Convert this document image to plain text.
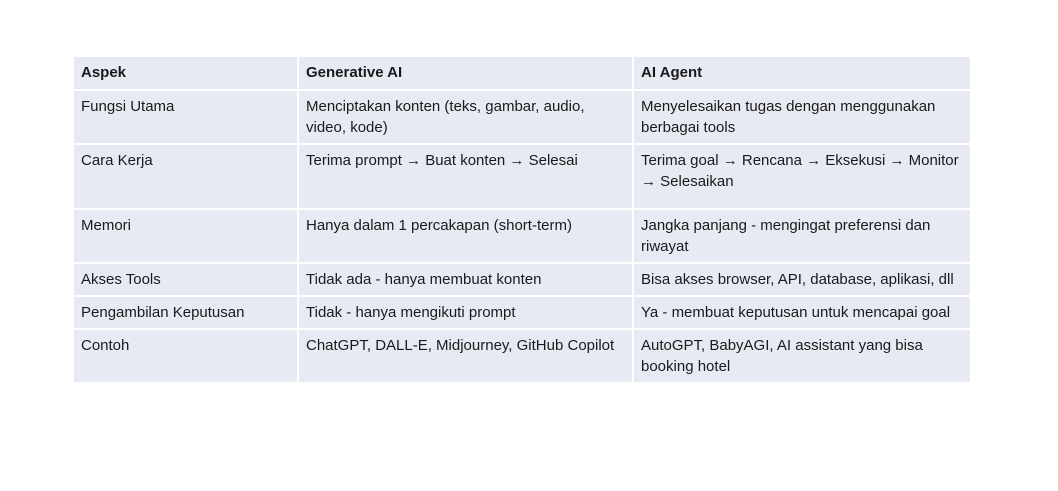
Aspek	Generative AI	AI Agent
Fungsi Utama	Menciptakan konten (teks, gambar, audio, video, kode)	Menyelesaikan tugas dengan menggunakan berbagai tools
Cara Kerja	Terima prompt → Buat konten → Selesai	Terima goal → Rencana → Eksekusi → Monitor → Selesaikan
Memori	Hanya dalam 1 percakapan (short-term)	Jangka panjang - mengingat preferensi dan riwayat
Akses Tools	Tidak ada - hanya membuat konten	Bisa akses browser, API, database, aplikasi, dll
Pengambilan Keputusan	Tidak - hanya mengikuti prompt	Ya - membuat keputusan untuk mencapai goal
Contoh	ChatGPT, DALL-E, Midjourney, GitHub Copilot	AutoGPT, BabyAGI, AI assistant yang bisa booking hotel
